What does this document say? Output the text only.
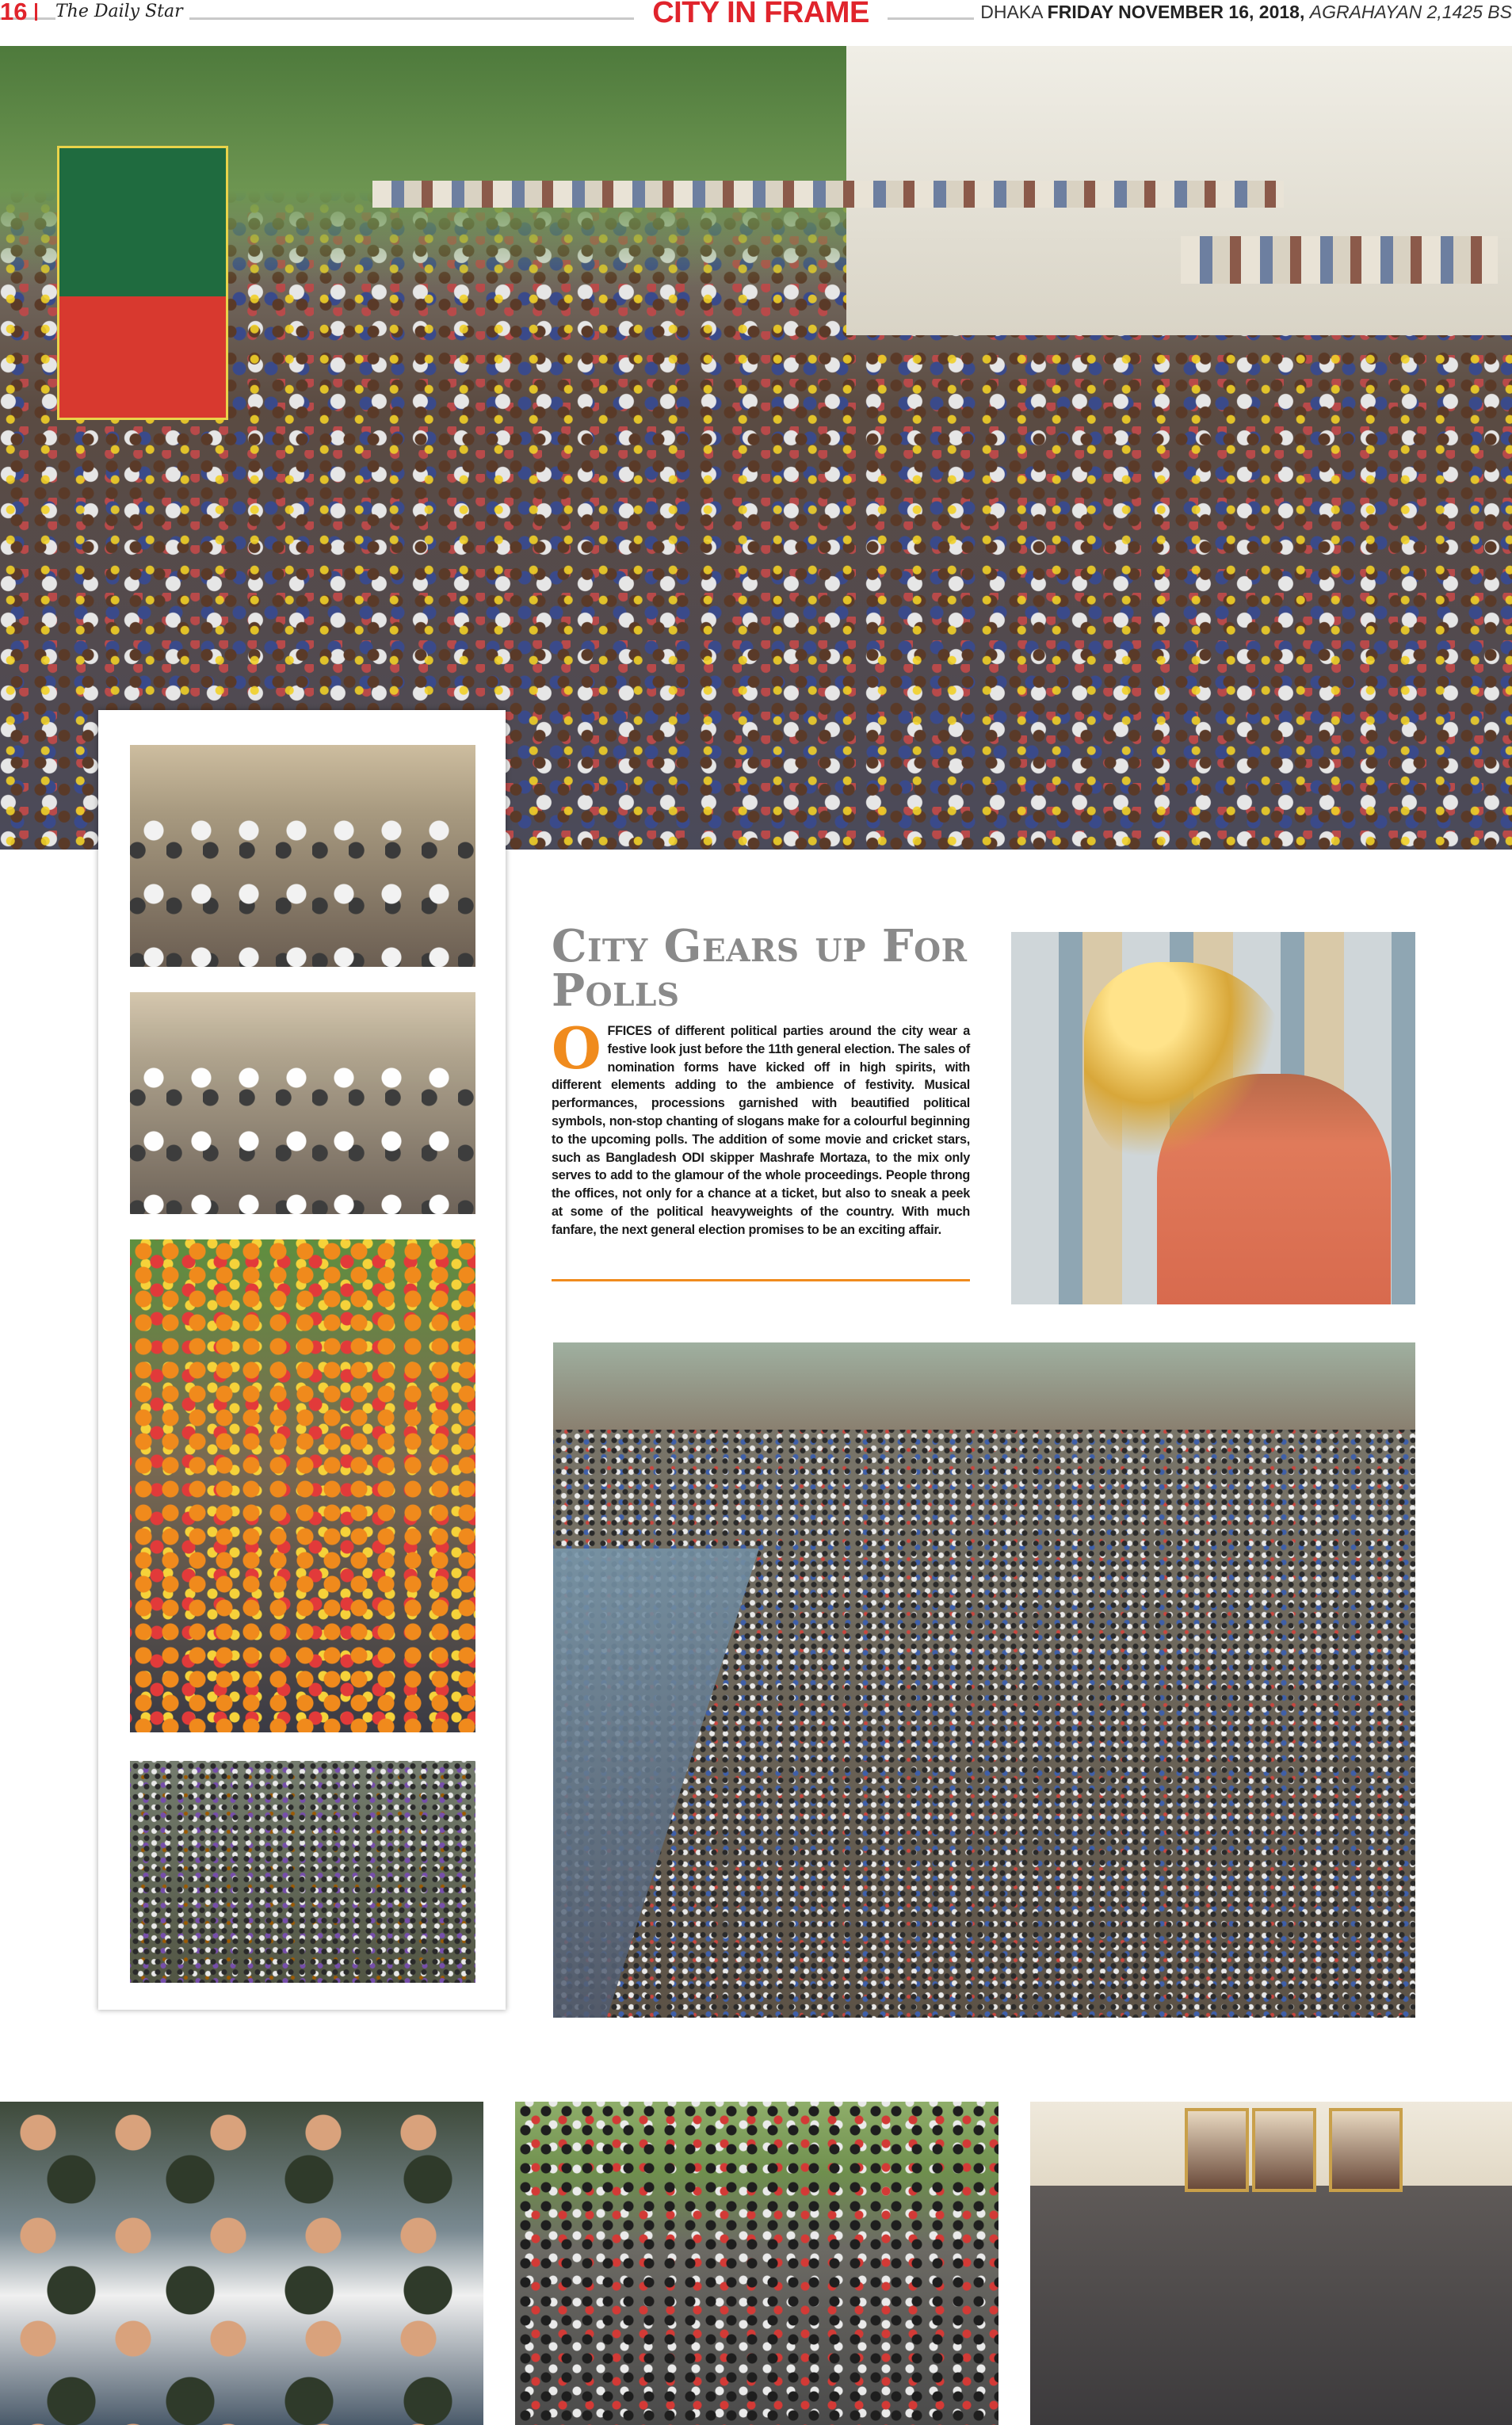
16 The Daily Star	CITY IN FRAME	DHAKA FRIDAY NOVEMBER 16, 2018, AGRAHAYAN 2,1425 BS
City Gears up For Polls
OFFICES of different political parties around the city wear a festive look just before the 11th general election. The sales of nomination forms have kicked off in high spirits, with different elements adding to the ambience of festivity. Musical performances, processions garnished with beautified political symbols, non-stop chanting of slogans make for a colourful beginning to the upcoming polls. The addition of some movie and cricket stars, such as Bangladesh ODI skipper Mashrafe Mortaza, to the mix only serves to add to the glamour of the whole proceedings. People throng the offices, not only for a chance at a ticket, but also to sneak a peek at some of the political heavyweights of the country. With much fanfare, the next general election promises to be an exciting affair.
